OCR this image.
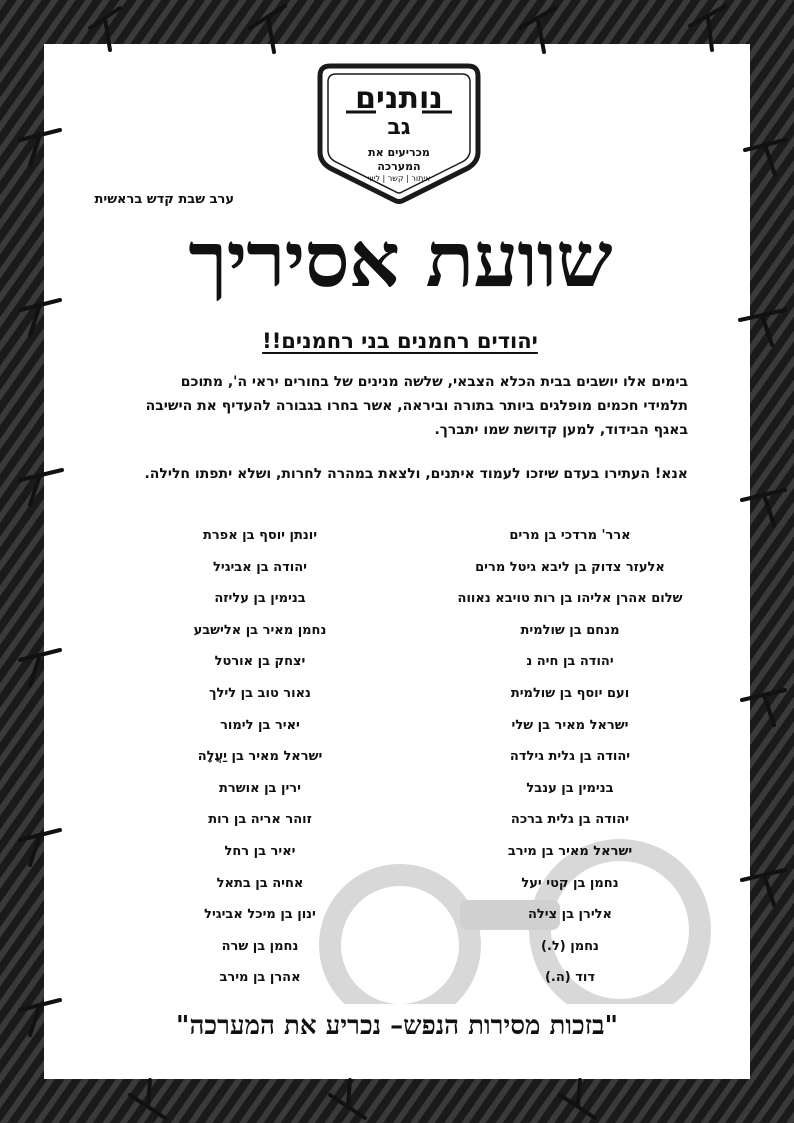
נותנים
גב
מכריעים את
המערכה
איתור | קשר | ליווי
ערב שבת קדש בראשית
שוועת אסיריך
יהודים רחמנים בני רחמנים!!
בימים אלו יושבים בבית הכלא הצבאי, שלשה מנינים של בחורים יראי ה', מתוכם תלמידי חכמים מופלגים ביותר בתורה וביראה, אשר בחרו בגבורה להעדיף את הישיבה באגף הבידוד, למען קדושת שמו יתברך.
אנא! העתירו בעדם שיזכו לעמוד איתנים, ולצאת במהרה לחרות, ושלא יתפתו חלילה.
ארר' מרדכי בן מרים
אלעזר צדוק בן ליבא גיטל מרים
שלום אהרן אליהו בן רות טויבא נאווה
מנחם בן שולמית
יהודה בן חיה נ
ועם יוסף בן שולמית
ישראל מאיר בן שלי
יהודה בן גלית גילדה
בנימין בן ענבל
יהודה בן גלית ברכה
ישראל מאיר בן מירב
נחמן בן קטי יעל
אלירן בן צילה
נחמן (ל.)
דוד (ה.)
יונתן יוסף בן אפרת
יהודה בן אביגיל
בנימין בן עליזה
נחמן מאיר בן אלישבע
יצחק בן אורטל
נאור טוב בן לילך
יאיר בן לימור
ישראל מאיר בן יַעֲלָה
ירין בן אושרת
זוהר אריה בן רות
יאיר בן רחל
אחיה בן בתאל
ינון בן מיכל אביגיל
נחמן בן שרה
אהרן בן מירב
"בזכות מסירות הנפש– נכריע את המערכה"
